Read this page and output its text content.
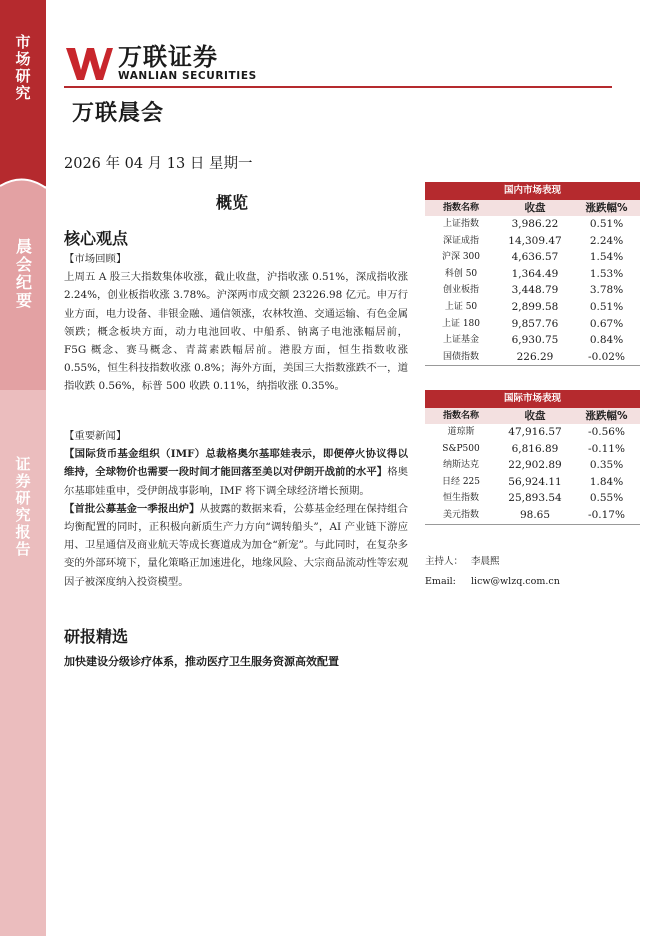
市场研究
晨会纪要
证券研究报告
万联证券
WANLIAN SECURITIES
万联晨会
2026 年 04 月 13 日 星期一
概览
核心观点
【市场回顾】
上周五 A 股三大指数集体收涨，截止收盘，沪指收涨 0.51%，深成指收涨 2.24%，创业板指收涨 3.78%。沪深两市成交额 23226.98 亿元。申万行业方面，电力设备、非银金融、通信领涨，农林牧渔、交通运输、有色金属领跌；概念板块方面，动力电池回收、中船系、钠离子电池涨幅居前，F5G 概念、赛马概念、青蒿素跌幅居前。港股方面，恒生指数收涨 0.55%，恒生科技指数收涨 0.8%；海外方面，美国三大指数涨跌不一，道指收跌 0.56%，标普 500 收跌 0.11%，纳指收涨 0.35%。
【重要新闻】
【国际货币基金组织（IMF）总裁格奥尔基耶娃表示，即便停火协议得以维持，全球物价也需要一段时间才能回落至美以对伊朗开战前的水平】格奥尔基耶娃重申，受伊朗战事影响，IMF 将下调全球经济增长预期。
【首批公募基金一季报出炉】从披露的数据来看，公募基金经理在保持组合均衡配置的同时，正积极向新质生产力方向“调转船头”，AI 产业链下游应用、卫星通信及商业航天等成长赛道成为加仓“新宠”。与此同时，在复杂多变的外部环境下，量化策略正加速进化，地缘风险、大宗商品流动性等宏观因子被深度纳入投资模型。
研报精选
加快建设分级诊疗体系，推动医疗卫生服务资源高效配置
国内市场表现
指数名称	收盘	涨跌幅%
上证指数	3,986.22	0.51%
深证成指	14,309.47	2.24%
沪深 300	4,636.57	1.54%
科创 50	1,364.49	1.53%
创业板指	3,448.79	3.78%
上证 50	2,899.58	0.51%
上证 180	9,857.76	0.67%
上证基金	6,930.75	0.84%
国债指数	226.29	-0.02%
国际市场表现
指数名称	收盘	涨跌幅%
道琼斯	47,916.57	-0.56%
S&P500	6,816.89	-0.11%
纳斯达克	22,902.89	0.35%
日经 225	56,924.11	1.84%
恒生指数	25,893.54	0.55%
美元指数	98.65	-0.17%
主持人： 李晨熙
Email: licw@wlzq.com.cn
